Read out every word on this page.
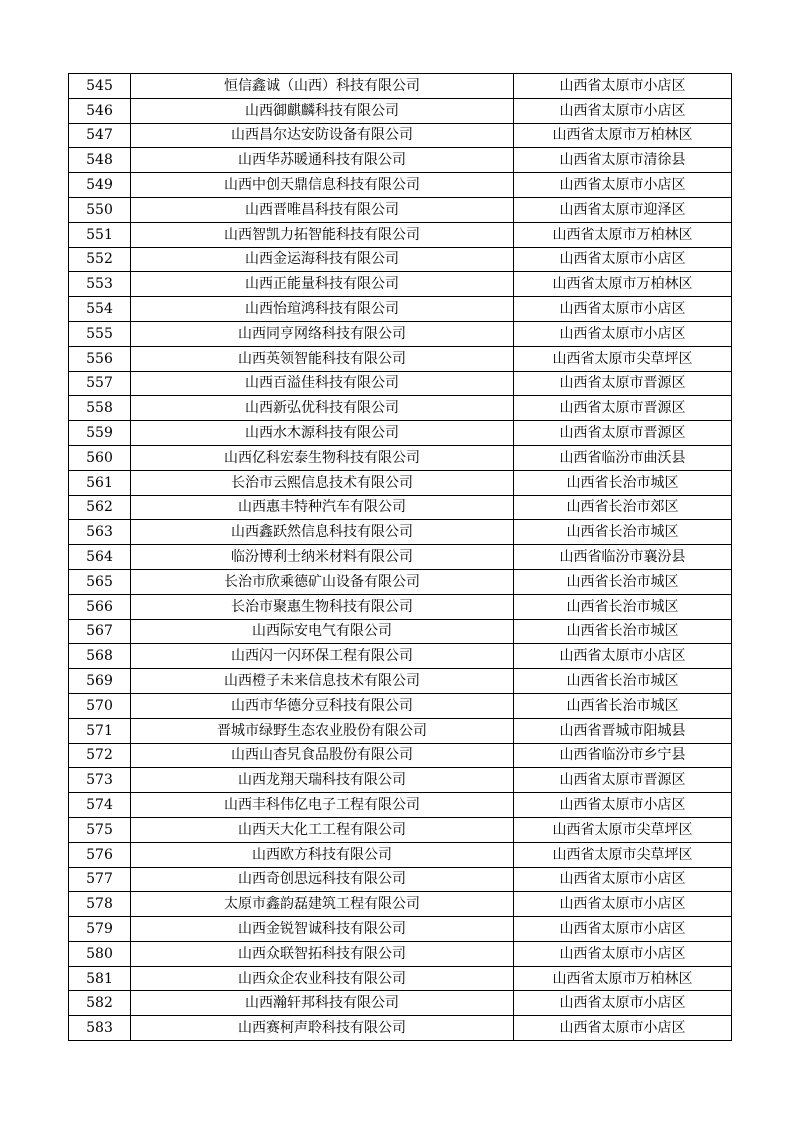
545	恒信鑫诚（山西）科技有限公司	山西省太原市小店区
546	山西御麒麟科技有限公司	山西省太原市小店区
547	山西昌尔达安防设备有限公司	山西省太原市万柏林区
548	山西华苏暖通科技有限公司	山西省太原市清徐县
549	山西中创天鼎信息科技有限公司	山西省太原市小店区
550	山西晋唯昌科技有限公司	山西省太原市迎泽区
551	山西智凯力拓智能科技有限公司	山西省太原市万柏林区
552	山西金运海科技有限公司	山西省太原市小店区
553	山西正能量科技有限公司	山西省太原市万柏林区
554	山西怡瑄鸿科技有限公司	山西省太原市小店区
555	山西同亨网络科技有限公司	山西省太原市小店区
556	山西英领智能科技有限公司	山西省太原市尖草坪区
557	山西百溢佳科技有限公司	山西省太原市晋源区
558	山西新弘优科技有限公司	山西省太原市晋源区
559	山西水木源科技有限公司	山西省太原市晋源区
560	山西亿科宏泰生物科技有限公司	山西省临汾市曲沃县
561	长治市云熙信息技术有限公司	山西省长治市城区
562	山西惠丰特种汽车有限公司	山西省长治市郊区
563	山西鑫跃然信息科技有限公司	山西省长治市城区
564	临汾博利士纳米材料有限公司	山西省临汾市襄汾县
565	长治市欣乘德矿山设备有限公司	山西省长治市城区
566	长治市聚惠生物科技有限公司	山西省长治市城区
567	山西际安电气有限公司	山西省长治市城区
568	山西闪一闪环保工程有限公司	山西省太原市小店区
569	山西橙子未来信息技术有限公司	山西省长治市城区
570	山西市华德分豆科技有限公司	山西省长治市城区
571	晋城市绿野生态农业股份有限公司	山西省晋城市阳城县
572	山西山杳旯食品股份有限公司	山西省临汾市乡宁县
573	山西龙翔天瑞科技有限公司	山西省太原市晋源区
574	山西丰科伟亿电子工程有限公司	山西省太原市小店区
575	山西天大化工工程有限公司	山西省太原市尖草坪区
576	山西欧方科技有限公司	山西省太原市尖草坪区
577	山西奇创思远科技有限公司	山西省太原市小店区
578	太原市鑫韵磊建筑工程有限公司	山西省太原市小店区
579	山西金锐智诚科技有限公司	山西省太原市小店区
580	山西众联智拓科技有限公司	山西省太原市小店区
581	山西众企农业科技有限公司	山西省太原市万柏林区
582	山西瀚轩邦科技有限公司	山西省太原市小店区
583	山西赛柯声聆科技有限公司	山西省太原市小店区
